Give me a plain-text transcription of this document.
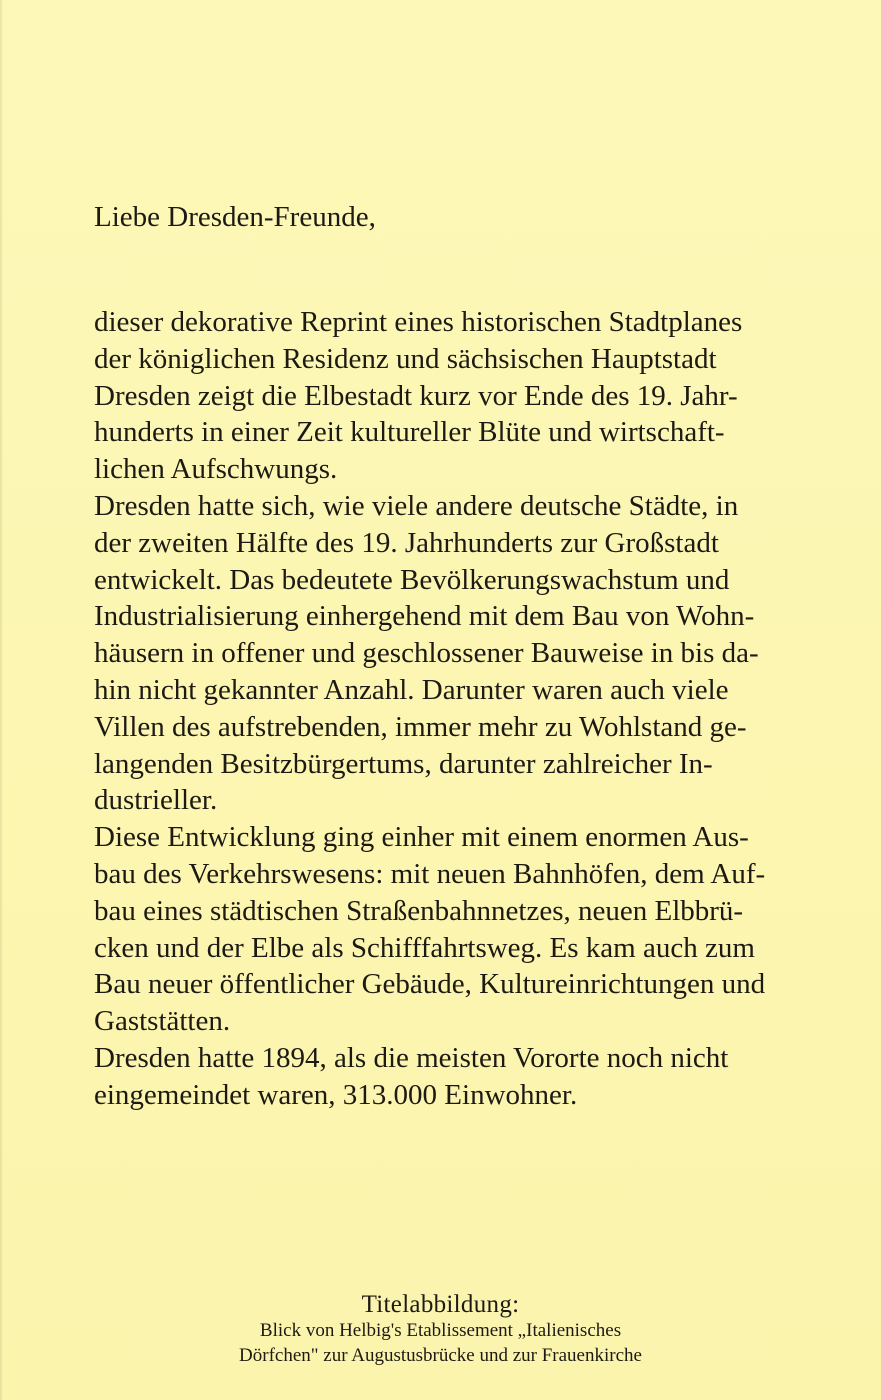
Liebe Dresden-Freunde,
dieser dekorative Reprint eines historischen Stadtplanes
der königlichen Residenz und sächsischen Hauptstadt
Dresden zeigt die Elbestadt kurz vor Ende des 19. Jahr-
hunderts in einer Zeit kultureller Blüte und wirtschaft-
lichen Aufschwungs.
Dresden hatte sich, wie viele andere deutsche Städte, in
der zweiten Hälfte des 19. Jahrhunderts zur Großstadt
entwickelt. Das bedeutete Bevölkerungswachstum und
Industrialisierung einhergehend mit dem Bau von Wohn-
häusern in offener und geschlossener Bauweise in bis da-
hin nicht gekannter Anzahl. Darunter waren auch viele
Villen des aufstrebenden, immer mehr zu Wohlstand ge-
langenden Besitzbürgertums, darunter zahlreicher In-
dustrieller.
Diese Entwicklung ging einher mit einem enormen Aus-
bau des Verkehrswesens: mit neuen Bahnhöfen, dem Auf-
bau eines städtischen Straßenbahnnetzes, neuen Elbbrü-
cken und der Elbe als Schifffahrtsweg. Es kam auch zum
Bau neuer öffentlicher Gebäude, Kultureinrichtungen und
Gaststätten.
Dresden hatte 1894, als die meisten Vororte noch nicht
eingemeindet waren, 313.000 Einwohner.
Titelabbildung:
Blick von Helbig's Etablissement „Italienisches
Dörfchen" zur Augustusbrücke und zur Frauenkirche
